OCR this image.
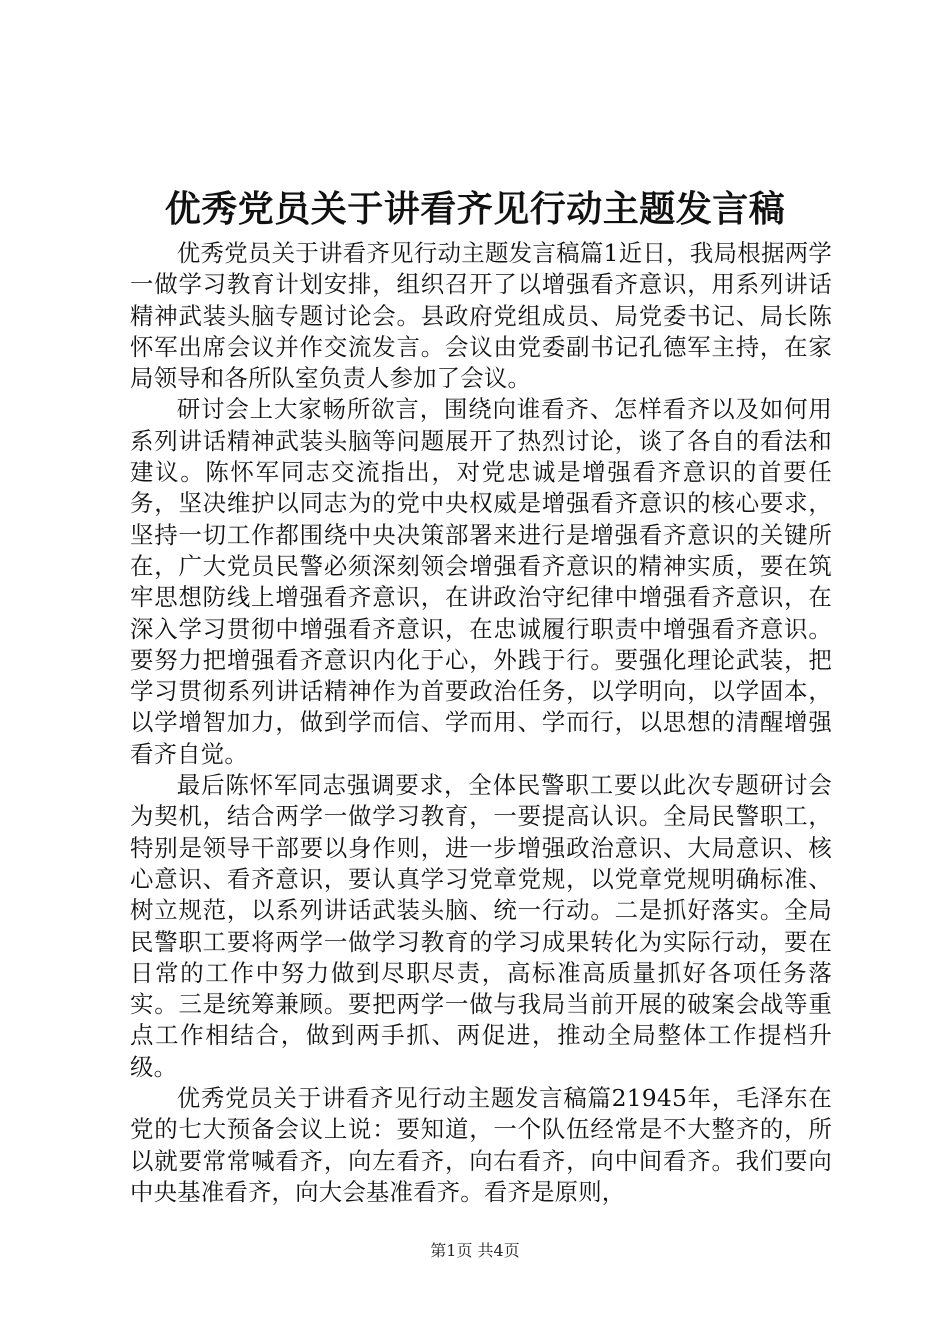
优秀党员关于讲看齐见行动主题发言稿

优秀党员关于讲看齐见行动主题发言稿篇1近日，我局根据两学一做学习教育计划安排，组织召开了以增强看齐意识，用系列讲话精神武装头脑专题讨论会。县政府党组成员、局党委书记、局长陈怀军出席会议并作交流发言。会议由党委副书记孔德军主持，在家局领导和各所队室负责人参加了会议。

研讨会上大家畅所欲言，围绕向谁看齐、怎样看齐以及如何用系列讲话精神武装头脑等问题展开了热烈讨论，谈了各自的看法和建议。陈怀军同志交流指出，对党忠诚是增强看齐意识的首要任务，坚决维护以同志为的党中央权威是增强看齐意识的核心要求，坚持一切工作都围绕中央决策部署来进行是增强看齐意识的关键所在，广大党员民警必须深刻领会增强看齐意识的精神实质，要在筑牢思想防线上增强看齐意识，在讲政治守纪律中增强看齐意识，在深入学习贯彻中增强看齐意识，在忠诚履行职责中增强看齐意识。要努力把增强看齐意识内化于心，外践于行。要强化理论武装，把学习贯彻系列讲话精神作为首要政治任务，以学明向，以学固本，以学增智加力，做到学而信、学而用、学而行，以思想的清醒增强看齐自觉。

最后陈怀军同志强调要求，全体民警职工要以此次专题研讨会为契机，结合两学一做学习教育，一要提高认识。全局民警职工，特别是领导干部要以身作则，进一步增强政治意识、大局意识、核心意识、看齐意识，要认真学习党章党规，以党章党规明确标准、树立规范，以系列讲话武装头脑、统一行动。二是抓好落实。全局民警职工要将两学一做学习教育的学习成果转化为实际行动，要在日常的工作中努力做到尽职尽责，高标准高质量抓好各项任务落实。三是统筹兼顾。要把两学一做与我局当前开展的破案会战等重点工作相结合，做到两手抓、两促进，推动全局整体工作提档升级。

优秀党员关于讲看齐见行动主题发言稿篇21945年，毛泽东在党的七大预备会议上说：要知道，一个队伍经常是不大整齐的，所以就要常常喊看齐，向左看齐，向右看齐，向中间看齐。我们要向中央基准看齐，向大会基准看齐。看齐是原则，

第1页 共4页
